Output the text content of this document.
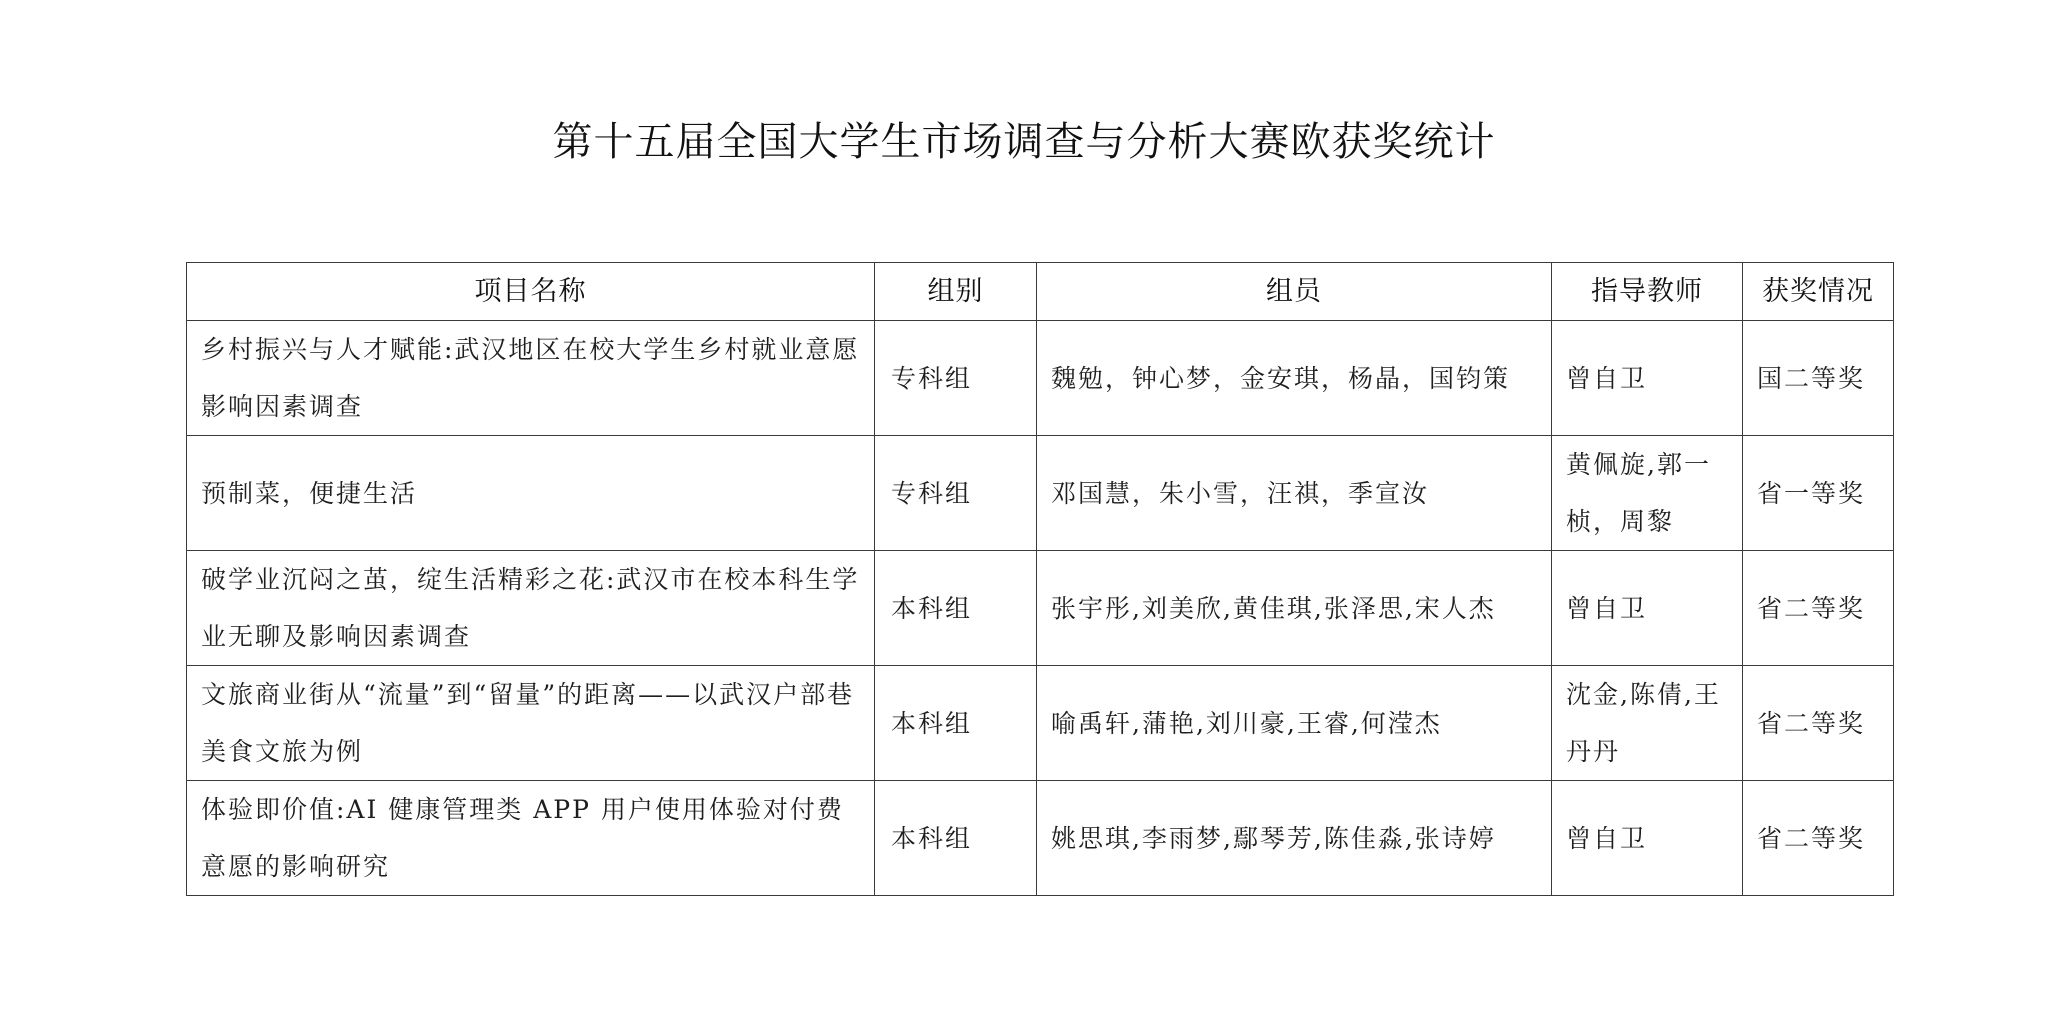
第十五届全国大学生市场调查与分析大赛欧获奖统计
项目名称	组别	组员	指导教师	获奖情况
乡村振兴与人才赋能:武汉地区在校大学生乡村就业意愿影响因素调查	专科组	魏勉，钟心梦，金安琪，杨晶，国钧策	曾自卫	国二等奖
预制菜，便捷生活	专科组	邓国慧，朱小雪，汪祺，季宣汝	黄佩旋,郭一桢，周黎	省一等奖
破学业沉闷之茧，绽生活精彩之花:武汉市在校本科生学业无聊及影响因素调查	本科组	张宇彤,刘美欣,黄佳琪,张泽思,宋人杰	曾自卫	省二等奖
文旅商业街从“流量”到“留量”的距离——以武汉户部巷美食文旅为例	本科组	喻禹轩,蒲艳,刘川豪,王睿,何滢杰	沈金,陈倩,王丹丹	省二等奖
体验即价值:AI 健康管理类 APP 用户使用体验对付费意愿的影响研究	本科组	姚思琪,李雨梦,鄢琴芳,陈佳淼,张诗婷	曾自卫	省二等奖
